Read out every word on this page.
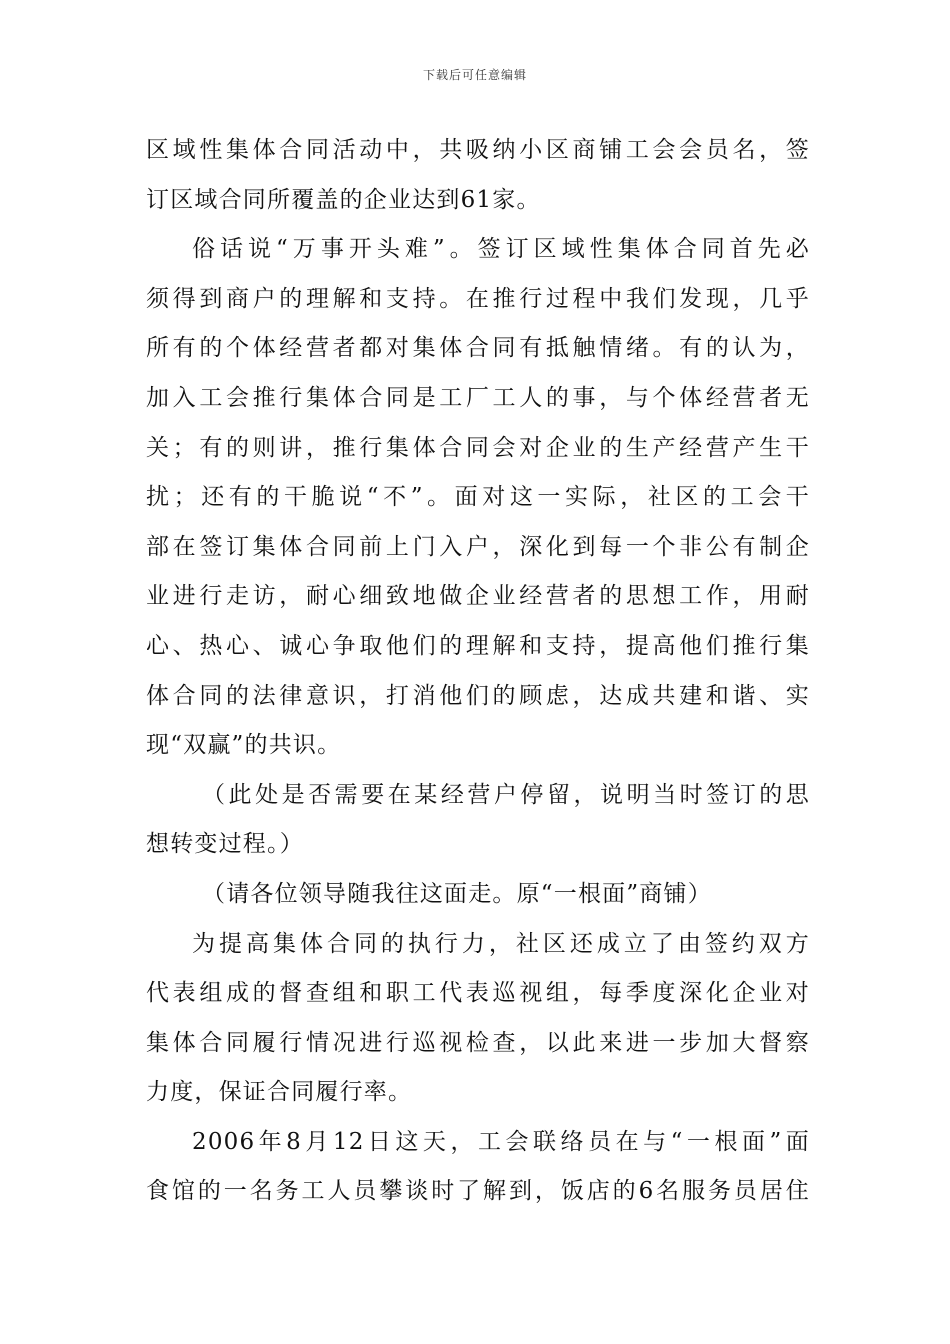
下载后可任意编辑
区域性集体合同活动中，共吸纳小区商铺工会会员名，签
订区域合同所覆盖的企业达到61家。
俗话说“万事开头难”。签订区域性集体合同首先必
须得到商户的理解和支持。在推行过程中我们发现，几乎
所有的个体经营者都对集体合同有抵触情绪。有的认为，
加入工会推行集体合同是工厂工人的事，与个体经营者无
关；有的则讲，推行集体合同会对企业的生产经营产生干
扰；还有的干脆说“不”。面对这一实际，社区的工会干
部在签订集体合同前上门入户，深化到每一个非公有制企
业进行走访，耐心细致地做企业经营者的思想工作，用耐
心、热心、诚心争取他们的理解和支持，提高他们推行集
体合同的法律意识，打消他们的顾虑，达成共建和谐、实
现“双赢”的共识。
（此处是否需要在某经营户停留，说明当时签订的思
想转变过程。）
（请各位领导随我往这面走。原“一根面”商铺）
为提高集体合同的执行力，社区还成立了由签约双方
代表组成的督查组和职工代表巡视组，每季度深化企业对
集体合同履行情况进行巡视检查，以此来进一步加大督察
力度，保证合同履行率。
2006年8月12日这天，工会联络员在与“一根面”面
食馆的一名务工人员攀谈时了解到，饭店的6名服务员居住
